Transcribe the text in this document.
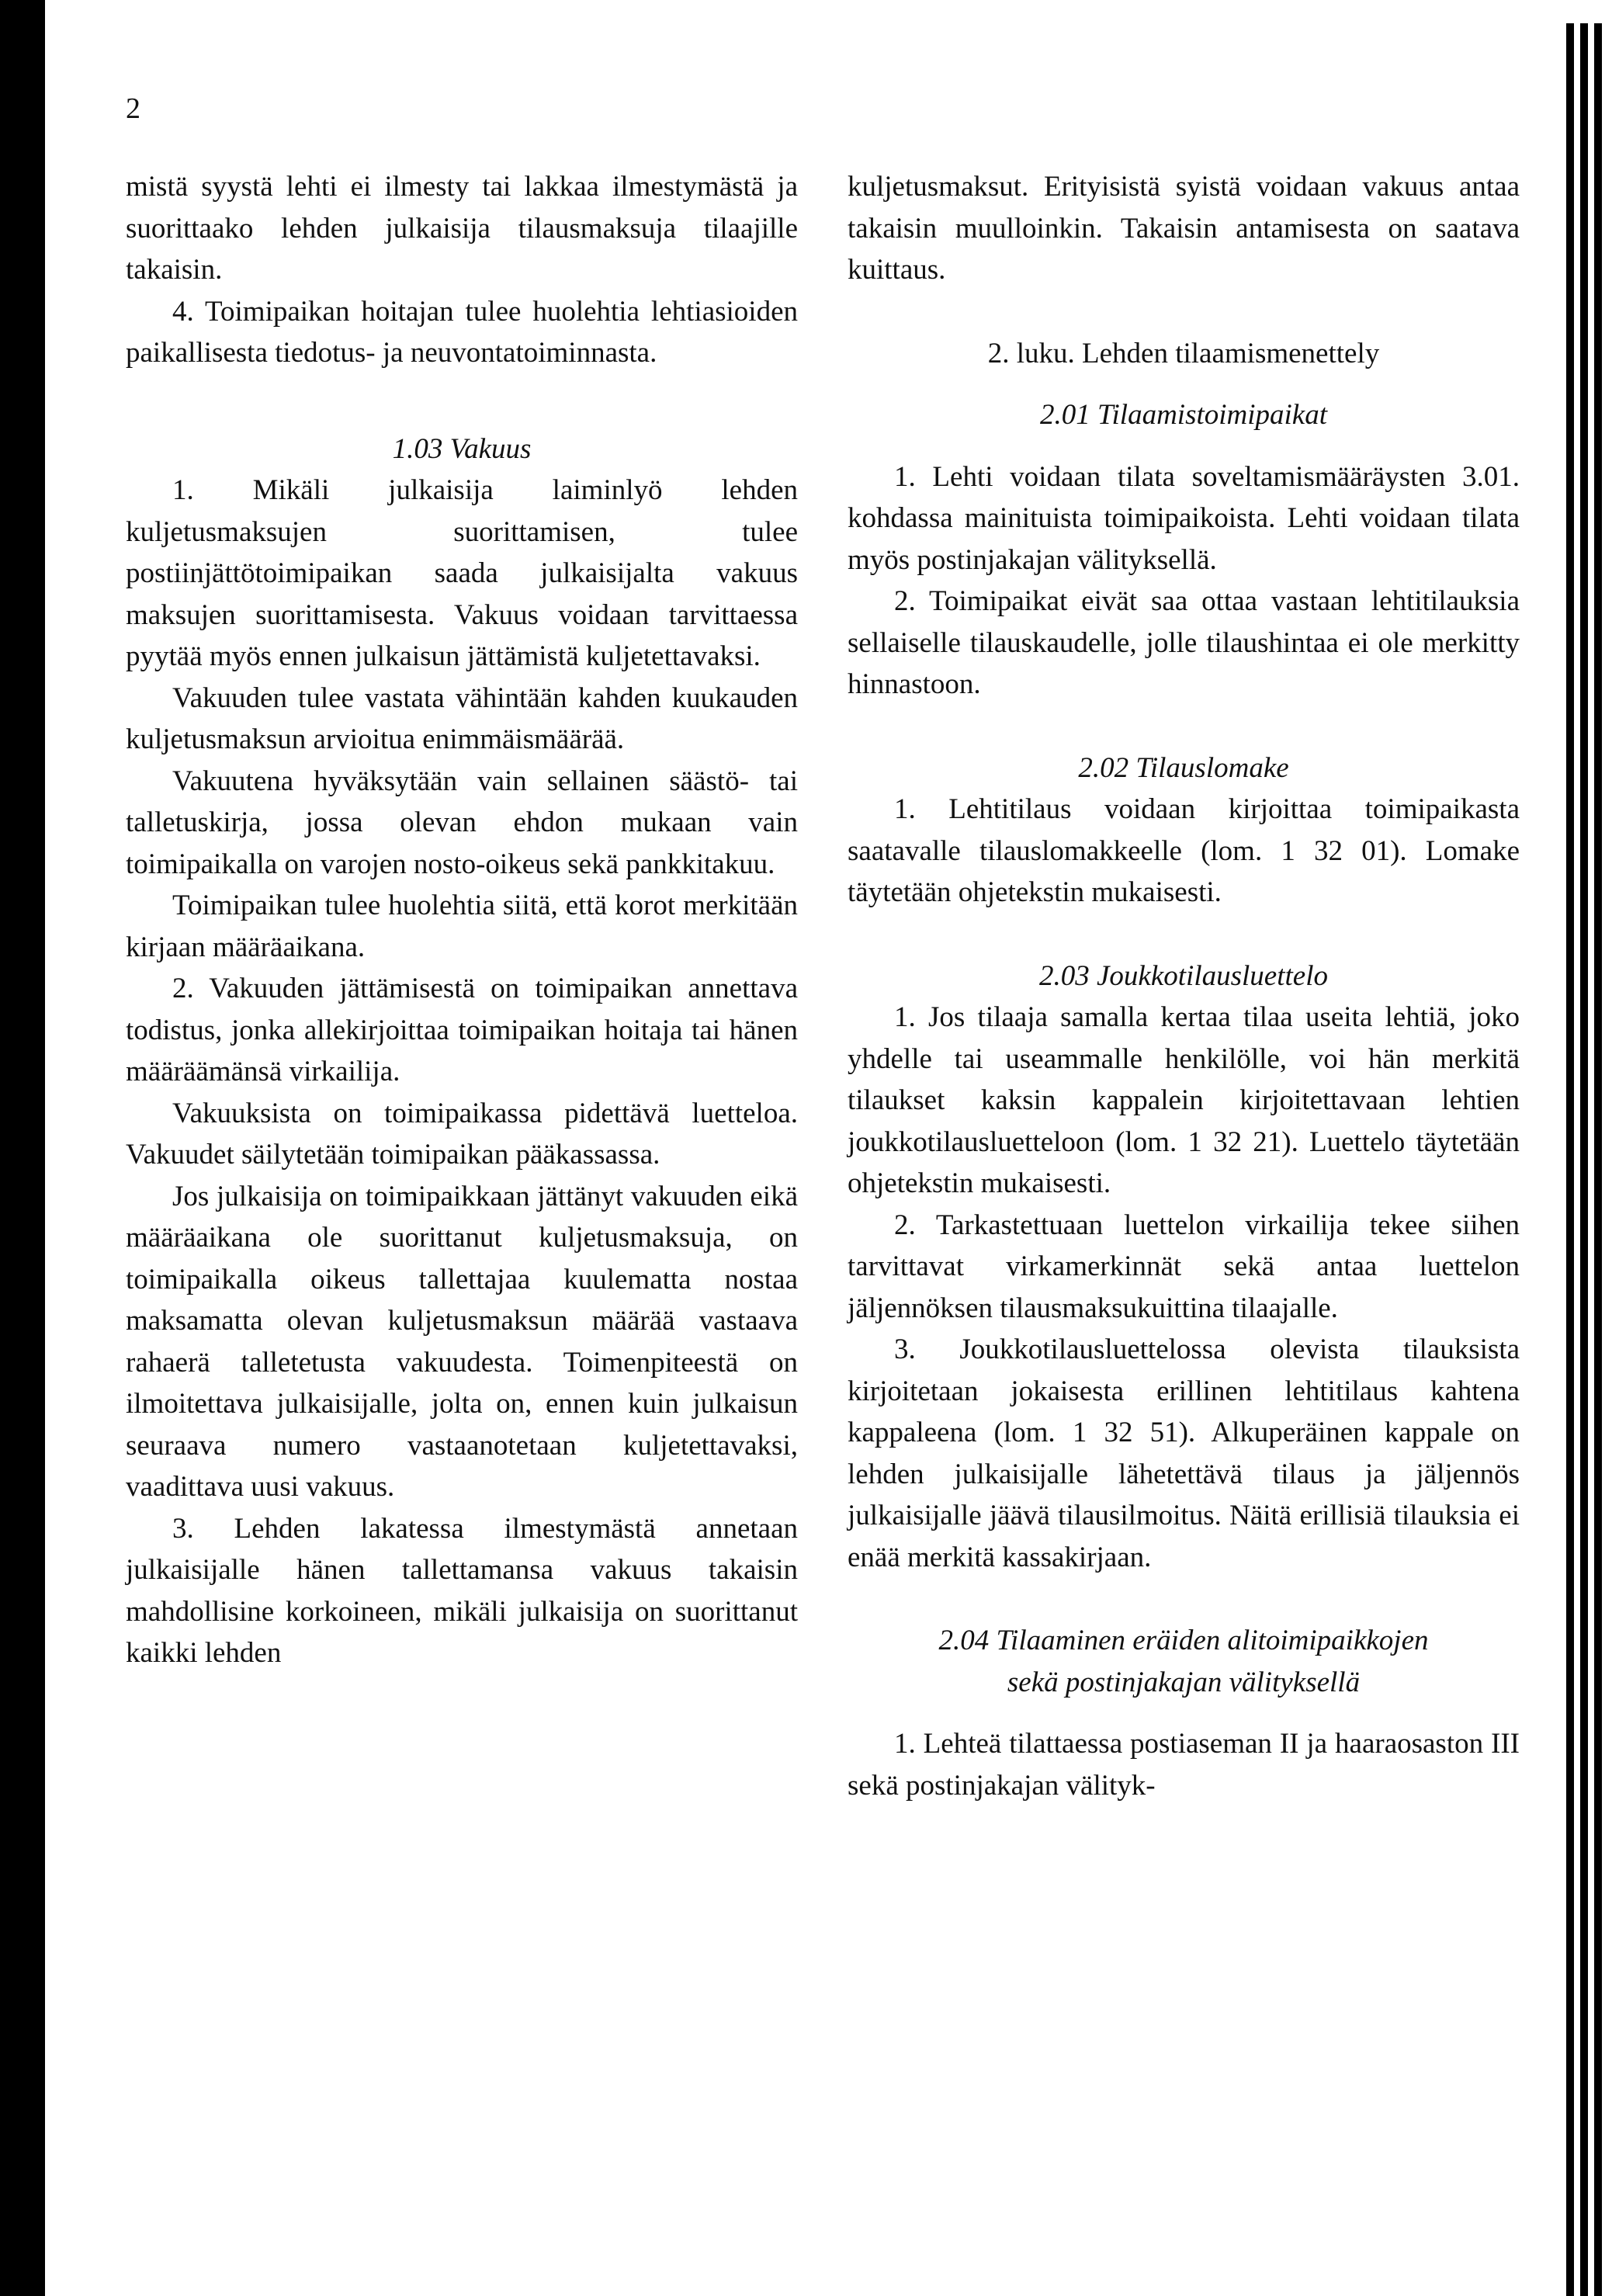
2

mistä syystä lehti ei ilmesty tai lakkaa ilmestymästä ja suorittaako lehden julkaisija tilausmaksuja tilaajille takaisin.

4. Toimipaikan hoitajan tulee huolehtia lehtiasioiden paikallisesta tiedotus- ja neuvontatoiminnasta.

1.03 Vakuus

1. Mikäli julkaisija laiminlyö lehden kuljetusmaksujen suorittamisen, tulee postiinjättötoimipaikan saada julkaisijalta vakuus maksujen suorittamisesta. Vakuus voidaan tarvittaessa pyytää myös ennen julkaisun jättämistä kuljetettavaksi.

Vakuuden tulee vastata vähintään kahden kuukauden kuljetusmaksun arvioitua enimmäismäärää.

Vakuutena hyväksytään vain sellainen säästö- tai talletuskirja, jossa olevan ehdon mukaan vain toimipaikalla on varojen nosto-oikeus sekä pankkitakuu.

Toimipaikan tulee huolehtia siitä, että korot merkitään kirjaan määräaikana.

2. Vakuuden jättämisestä on toimipaikan annettava todistus, jonka allekirjoittaa toimipaikan hoitaja tai hänen määräämänsä virkailija.

Vakuuksista on toimipaikassa pidettävä luetteloa. Vakuudet säilytetään toimipaikan pääkassassa.

Jos julkaisija on toimipaikkaan jättänyt vakuuden eikä määräaikana ole suorittanut kuljetusmaksuja, on toimipaikalla oikeus tallettajaa kuulematta nostaa maksamatta olevan kuljetusmaksun määrää vastaava rahaerä talletetusta vakuudesta. Toimenpiteestä on ilmoitettava julkaisijalle, jolta on, ennen kuin julkaisun seuraava numero vastaanotetaan kuljetettavaksi, vaadittava uusi vakuus.

3. Lehden lakatessa ilmestymästä annetaan julkaisijalle hänen tallettamansa vakuus takaisin mahdollisine korkoineen, mikäli julkaisija on suorittanut kaikki lehden

kuljetusmaksut. Erityisistä syistä voidaan vakuus antaa takaisin muulloinkin. Takaisin antamisesta on saatava kuittaus.

2. luku. Lehden tilaamismenettely
2.01 Tilaamistoimipaikat

1. Lehti voidaan tilata soveltamismääräysten 3.01. kohdassa mainituista toimipaikoista. Lehti voidaan tilata myös postinjakajan välityksellä.

2. Toimipaikat eivät saa ottaa vastaan lehtitilauksia sellaiselle tilauskaudelle, jolle tilaushintaa ei ole merkitty hinnastoon.

2.02 Tilauslomake

1. Lehtitilaus voidaan kirjoittaa toimipaikasta saatavalle tilauslomakkeelle (lom. 1 32 01). Lomake täytetään ohjetekstin mukaisesti.

2.03 Joukkotilausluettelo

1. Jos tilaaja samalla kertaa tilaa useita lehtiä, joko yhdelle tai useammalle henkilölle, voi hän merkitä tilaukset kaksin kappalein kirjoitettavaan lehtien joukkotilausluetteloon (lom. 1 32 21). Luettelo täytetään ohjetekstin mukaisesti.

2. Tarkastettuaan luettelon virkailija tekee siihen tarvittavat virkamerkinnät sekä antaa luettelon jäljennöksen tilausmaksukuittina tilaajalle.

3. Joukkotilausluettelossa olevista tilauksista kirjoitetaan jokaisesta erillinen lehtitilaus kahtena kappaleena (lom. 1 32 51). Alkuperäinen kappale on lehden julkaisijalle lähetettävä tilaus ja jäljennös julkaisijalle jäävä tilausilmoitus. Näitä erillisiä tilauksia ei enää merkitä kassakirjaan.

2.04 Tilaaminen eräiden alitoimipaikkojen
sekä postinjakajan välityksellä

1. Lehteä tilattaessa postiaseman II ja haaraosaston III sekä postinjakajan välityk-
